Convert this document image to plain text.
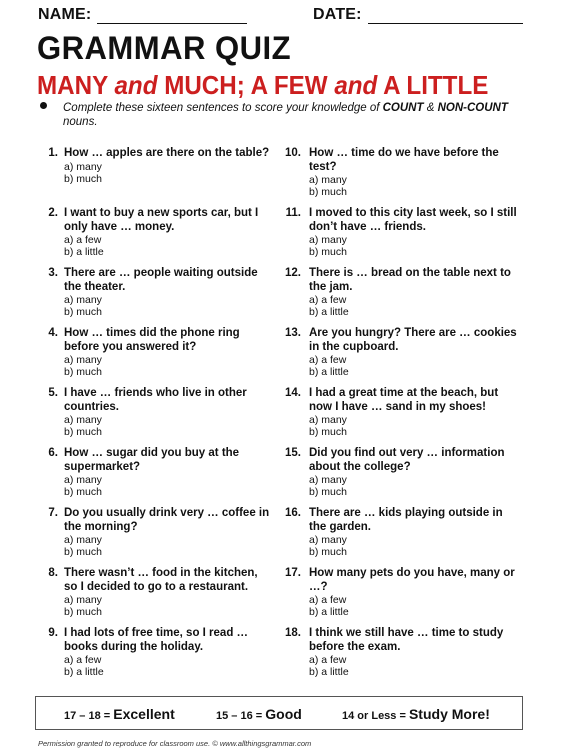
NAME:	DATE:
GRAMMAR QUIZ
MANY and MUCH; A FEW and A LITTLE
Complete these sixteen sentences to score your knowledge of COUNT & NON-COUNT nouns.
1. How … apples are there on the table?
a) many
b) much
2. I want to buy a new sports car, but I only have … money.
a) a few
b) a little
3. There are … people waiting outside the theater.
a) many
b) much
4. How … times did the phone ring before you answered it?
a) many
b) much
5. I have … friends who live in other countries.
a) many
b) much
6. How … sugar did you buy at the supermarket?
a) many
b) much
7. Do you usually drink very … coffee in the morning?
a) many
b) much
8. There wasn’t … food in the kitchen, so I decided to go to a restaurant.
a) many
b) much
9. I had lots of free time, so I read … books during the holiday.
a) a few
b) a little
10. How … time do we have before the test?
a) many
b) much
11. I moved to this city last week, so I still don’t have … friends.
a) many
b) much
12. There is … bread on the table next to the jam.
a) a few
b) a little
13. Are you hungry? There are … cookies in the cupboard.
a) a few
b) a little
14. I had a great time at the beach, but now I have … sand in my shoes!
a) many
b) much
15. Did you find out very … information about the college?
a) many
b) much
16. There are … kids playing outside in the garden.
a) many
b) much
17. How many pets do you have, many or …?
a) a few
b) a little
18. I think we still have … time to study before the exam.
a) a few
b) a little
17 – 18 = Excellent	15 – 16 = Good	14 or Less = Study More!
Permission granted to reproduce for classroom use. © www.allthingsgrammar.com
